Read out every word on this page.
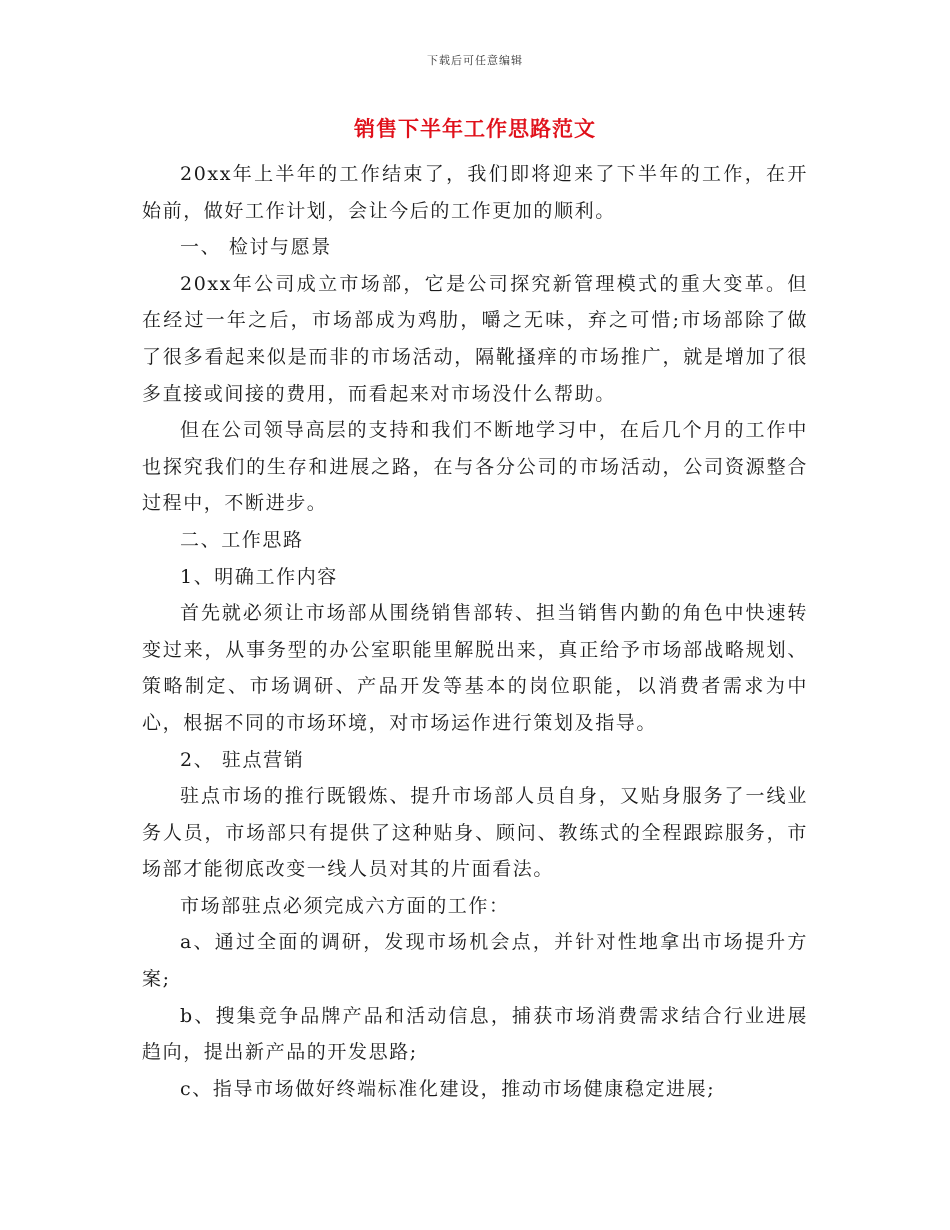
下载后可任意编辑
销售下半年工作思路范文

20xx年上半年的工作结束了，我们即将迎来了下半年的工作，在开始前，做好工作计划，会让今后的工作更加的顺利。

一、 检讨与愿景

20xx年公司成立市场部，它是公司探究新管理模式的重大变革。但在经过一年之后，市场部成为鸡肋，嚼之无味，弃之可惜;市场部除了做了很多看起来似是而非的市场活动，隔靴搔痒的市场推广，就是增加了很多直接或间接的费用，而看起来对市场没什么帮助。

但在公司领导高层的支持和我们不断地学习中，在后几个月的工作中也探究我们的生存和进展之路，在与各分公司的市场活动，公司资源整合过程中，不断进步。

二、工作思路

1、明确工作内容

首先就必须让市场部从围绕销售部转、担当销售内勤的角色中快速转变过来，从事务型的办公室职能里解脱出来，真正给予市场部战略规划、策略制定、市场调研、产品开发等基本的岗位职能，以消费者需求为中心，根据不同的市场环境，对市场运作进行策划及指导。

2、 驻点营销

驻点市场的推行既锻炼、提升市场部人员自身，又贴身服务了一线业务人员，市场部只有提供了这种贴身、顾问、教练式的全程跟踪服务，市场部才能彻底改变一线人员对其的片面看法。

市场部驻点必须完成六方面的工作：

a、通过全面的调研，发现市场机会点，并针对性地拿出市场提升方案;

b、搜集竞争品牌产品和活动信息，捕获市场消费需求结合行业进展趋向，提出新产品的开发思路;

c、指导市场做好终端标准化建设，推动市场健康稳定进展;
